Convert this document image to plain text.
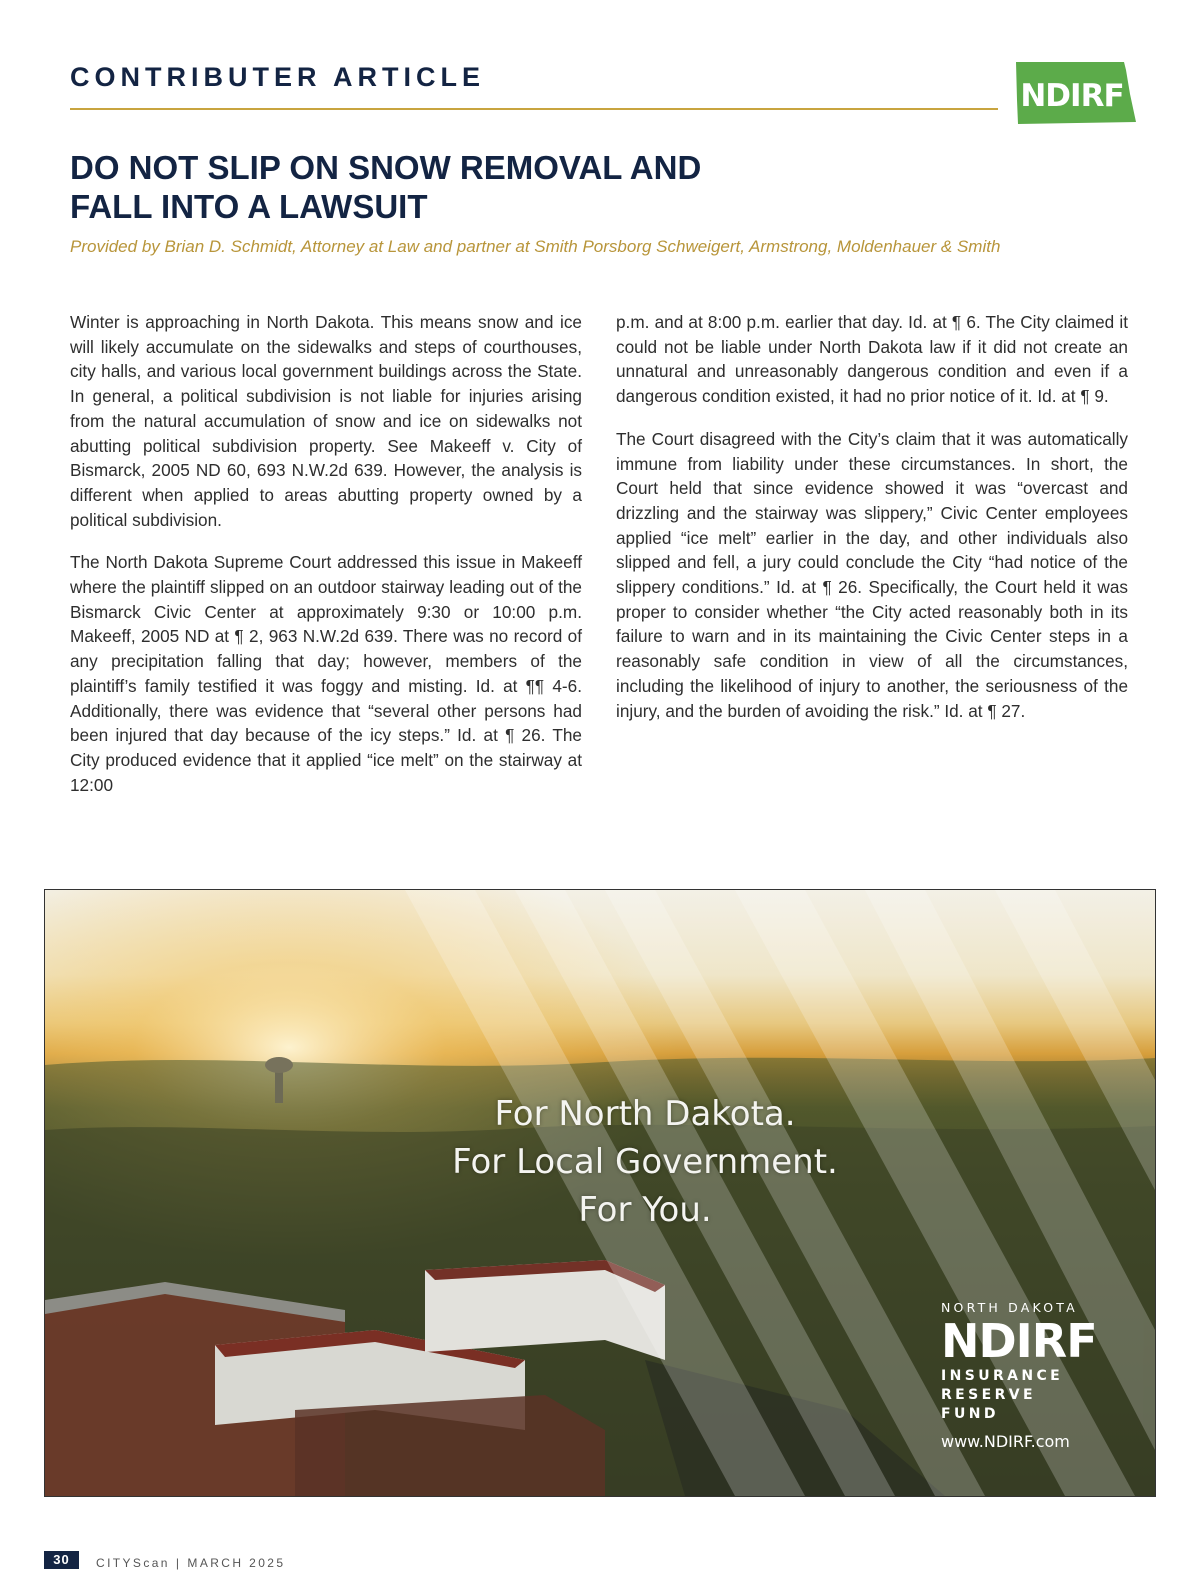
CONTRIBUTER ARTICLE
NDIRF
DO NOT SLIP ON SNOW REMOVAL AND
FALL INTO A LAWSUIT

Provided by Brian D. Schmidt, Attorney at Law and partner at Smith Porsborg Schweigert, Armstrong, Moldenhauer & Smith

Winter is approaching in North Dakota. This means snow and ice will likely accumulate on the sidewalks and steps of courthouses, city halls, and various local government buildings across the State. In general, a political subdivision is not liable for injuries arising from the natural accumulation of snow and ice on sidewalks not abutting political subdivision property. See Makeeff v. City of Bismarck, 2005 ND 60, 693 N.W.2d 639. However, the analysis is different when applied to areas abutting property owned by a political subdivision.

The North Dakota Supreme Court addressed this issue in Makeeff where the plaintiff slipped on an outdoor stairway leading out of the Bismarck Civic Center at approximately 9:30 or 10:00 p.m. Makeeff, 2005 ND at ¶ 2, 963 N.W.2d 639. There was no record of any precipitation falling that day; however, members of the plaintiff’s family testified it was foggy and misting. Id. at ¶¶ 4-6. Additionally, there was evidence that “several other persons had been injured that day because of the icy steps.” Id. at ¶ 26. The City produced evidence that it applied “ice melt” on the stairway at 12:00

p.m. and at 8:00 p.m. earlier that day. Id. at ¶ 6. The City claimed it could not be liable under North Dakota law if it did not create an unnatural and unreasonably dangerous condition and even if a dangerous condition existed, it had no prior notice of it. Id. at ¶ 9.

The Court disagreed with the City’s claim that it was automatically immune from liability under these circumstances. In short, the Court held that since evidence showed it was “overcast and drizzling and the stairway was slippery,” Civic Center employees applied “ice melt” earlier in the day, and other individuals also slipped and fell, a jury could conclude the City “had notice of the slippery conditions.” Id. at ¶ 26. Specifically, the Court held it was proper to consider whether “the City acted reasonably both in its failure to warn and in its maintaining the Civic Center steps in a reasonably safe condition in view of all the circumstances, including the likelihood of injury to another, the seriousness of the injury, and the burden of avoiding the risk.” Id. at ¶ 27.

For North Dakota.
For Local Government.
For You.

NORTH DAKOTA
NDIRF
INSURANCE
RESERVE FUND
www.NDIRF.com
30	CITYScan | MARCH 2025
